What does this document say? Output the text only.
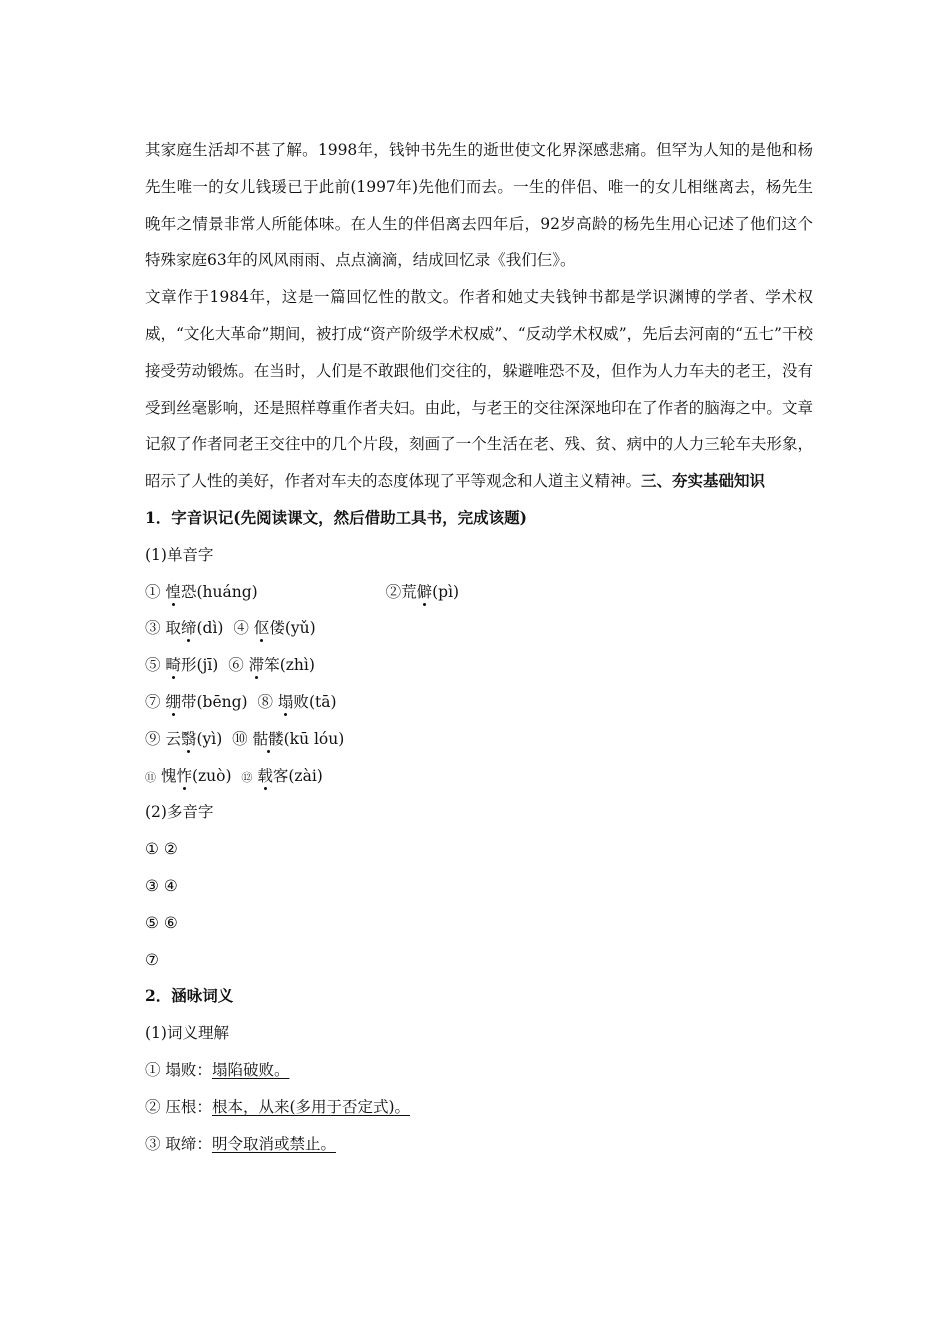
其家庭生活却不甚了解。1998年，钱钟书先生的逝世使文化界深感悲痛。但罕为人知的是他和杨先生唯一的女儿钱瑗已于此前(1997年)先他们而去。一生的伴侣、唯一的女儿相继离去，杨先生晚年之情景非常人所能体味。在人生的伴侣离去四年后，92岁高龄的杨先生用心记述了他们这个特殊家庭63年的风风雨雨、点点滴滴，结成回忆录《我们仨》。

文章作于1984年，这是一篇回忆性的散文。作者和她丈夫钱钟书都是学识渊博的学者、学术权威，“文化大革命”期间，被打成“资产阶级学术权威”、“反动学术权威”，先后去河南的“五七”干校接受劳动锻炼。在当时，人们是不敢跟他们交往的，躲避唯恐不及，但作为人力车夫的老王，没有受到丝毫影响，还是照样尊重作者夫妇。由此，与老王的交往深深地印在了作者的脑海之中。文章记叙了作者同老王交往中的几个片段，刻画了一个生活在老、残、贫、病中的人力三轮车夫形象，昭示了人性的美好，作者对车夫的态度体现了平等观念和人道主义精神。三、夯实基础知识

1．字音识记(先阅读课文，然后借助工具书，完成该题)
(1)单音字
① 惶恐(huáng)	②荒僻(pì)
③ 取缔(dì) ④ 伛偻(yǔ)
⑤ 畸形(jī) ⑥ 滞笨(zhì)
⑦ 绷带(bēng) ⑧ 塌败(tā)
⑨ 云翳(yì) ⑩ 骷髅(kū lóu)
⑪ 愧怍(zuò) ⑫ 载客(zài)
(2)多音字
① ②
③ ④
⑤ ⑥
⑦
2．涵咏词义
(1)词义理解
① 塌败：塌陷破败。
② 压根：根本，从来(多用于否定式)。
③ 取缔：明令取消或禁止。
